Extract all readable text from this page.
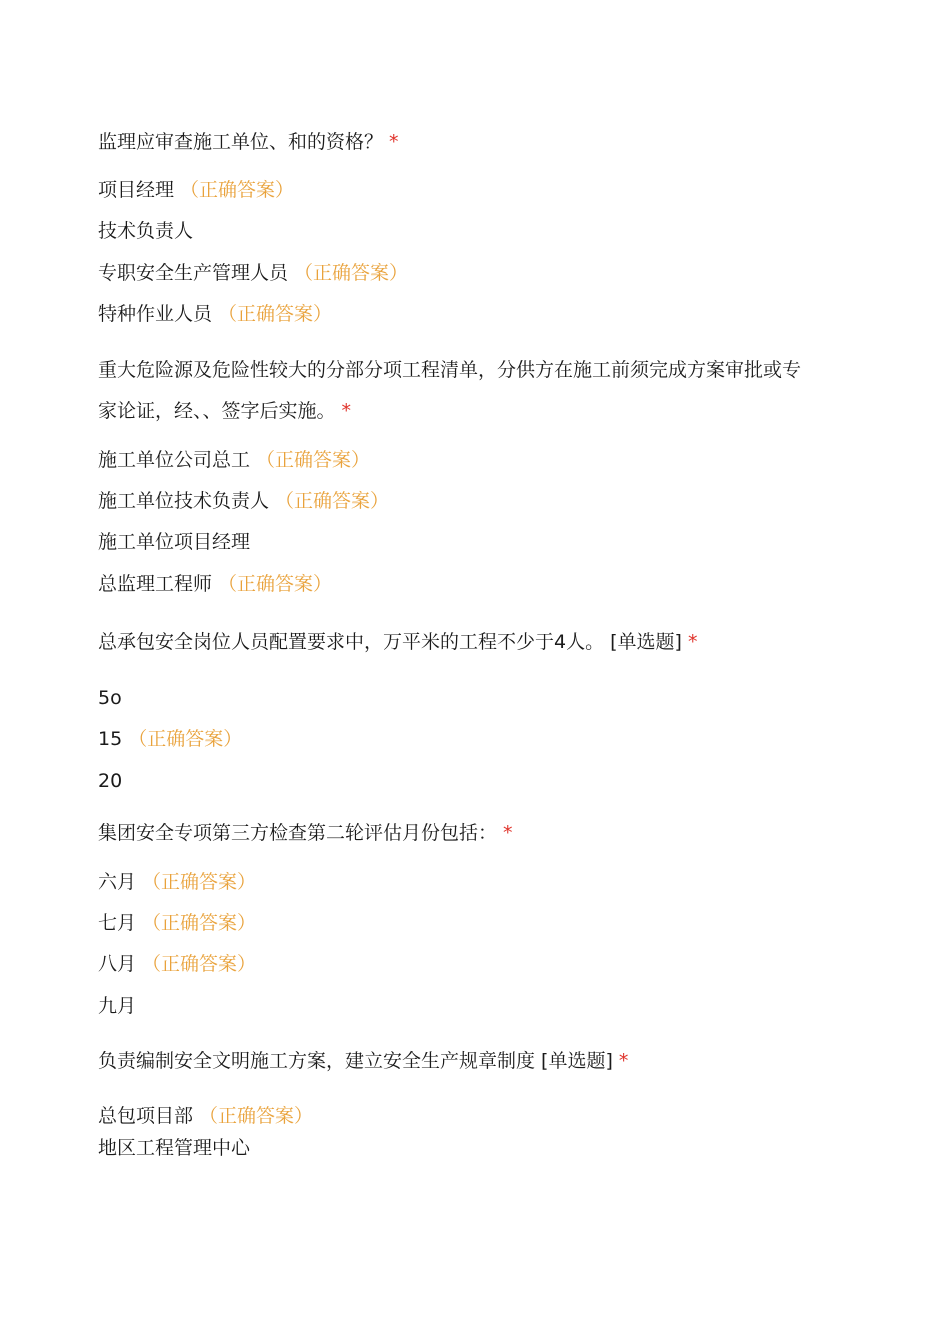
监理应审查施工单位、和的资格？ *
项目经理 （正确答案）
技术负责人
专职安全生产管理人员 （正确答案）
特种作业人员 （正确答案）
重大危险源及危险性较大的分部分项工程清单，分供方在施工前须完成方案审批或专
家论证，经、、签字后实施。 *
施工单位公司总工 （正确答案）
施工单位技术负责人 （正确答案）
施工单位项目经理
总监理工程师 （正确答案）
总承包安全岗位人员配置要求中，万平米的工程不少于4人。 [单选题] *
5o
15 （正确答案）
20
集团安全专项第三方检查第二轮评估月份包括： *
六月 （正确答案）
七月 （正确答案）
八月 （正确答案）
九月
负责编制安全文明施工方案，建立安全生产规章制度 [单选题] *
总包项目部 （正确答案）
地区工程管理中心
